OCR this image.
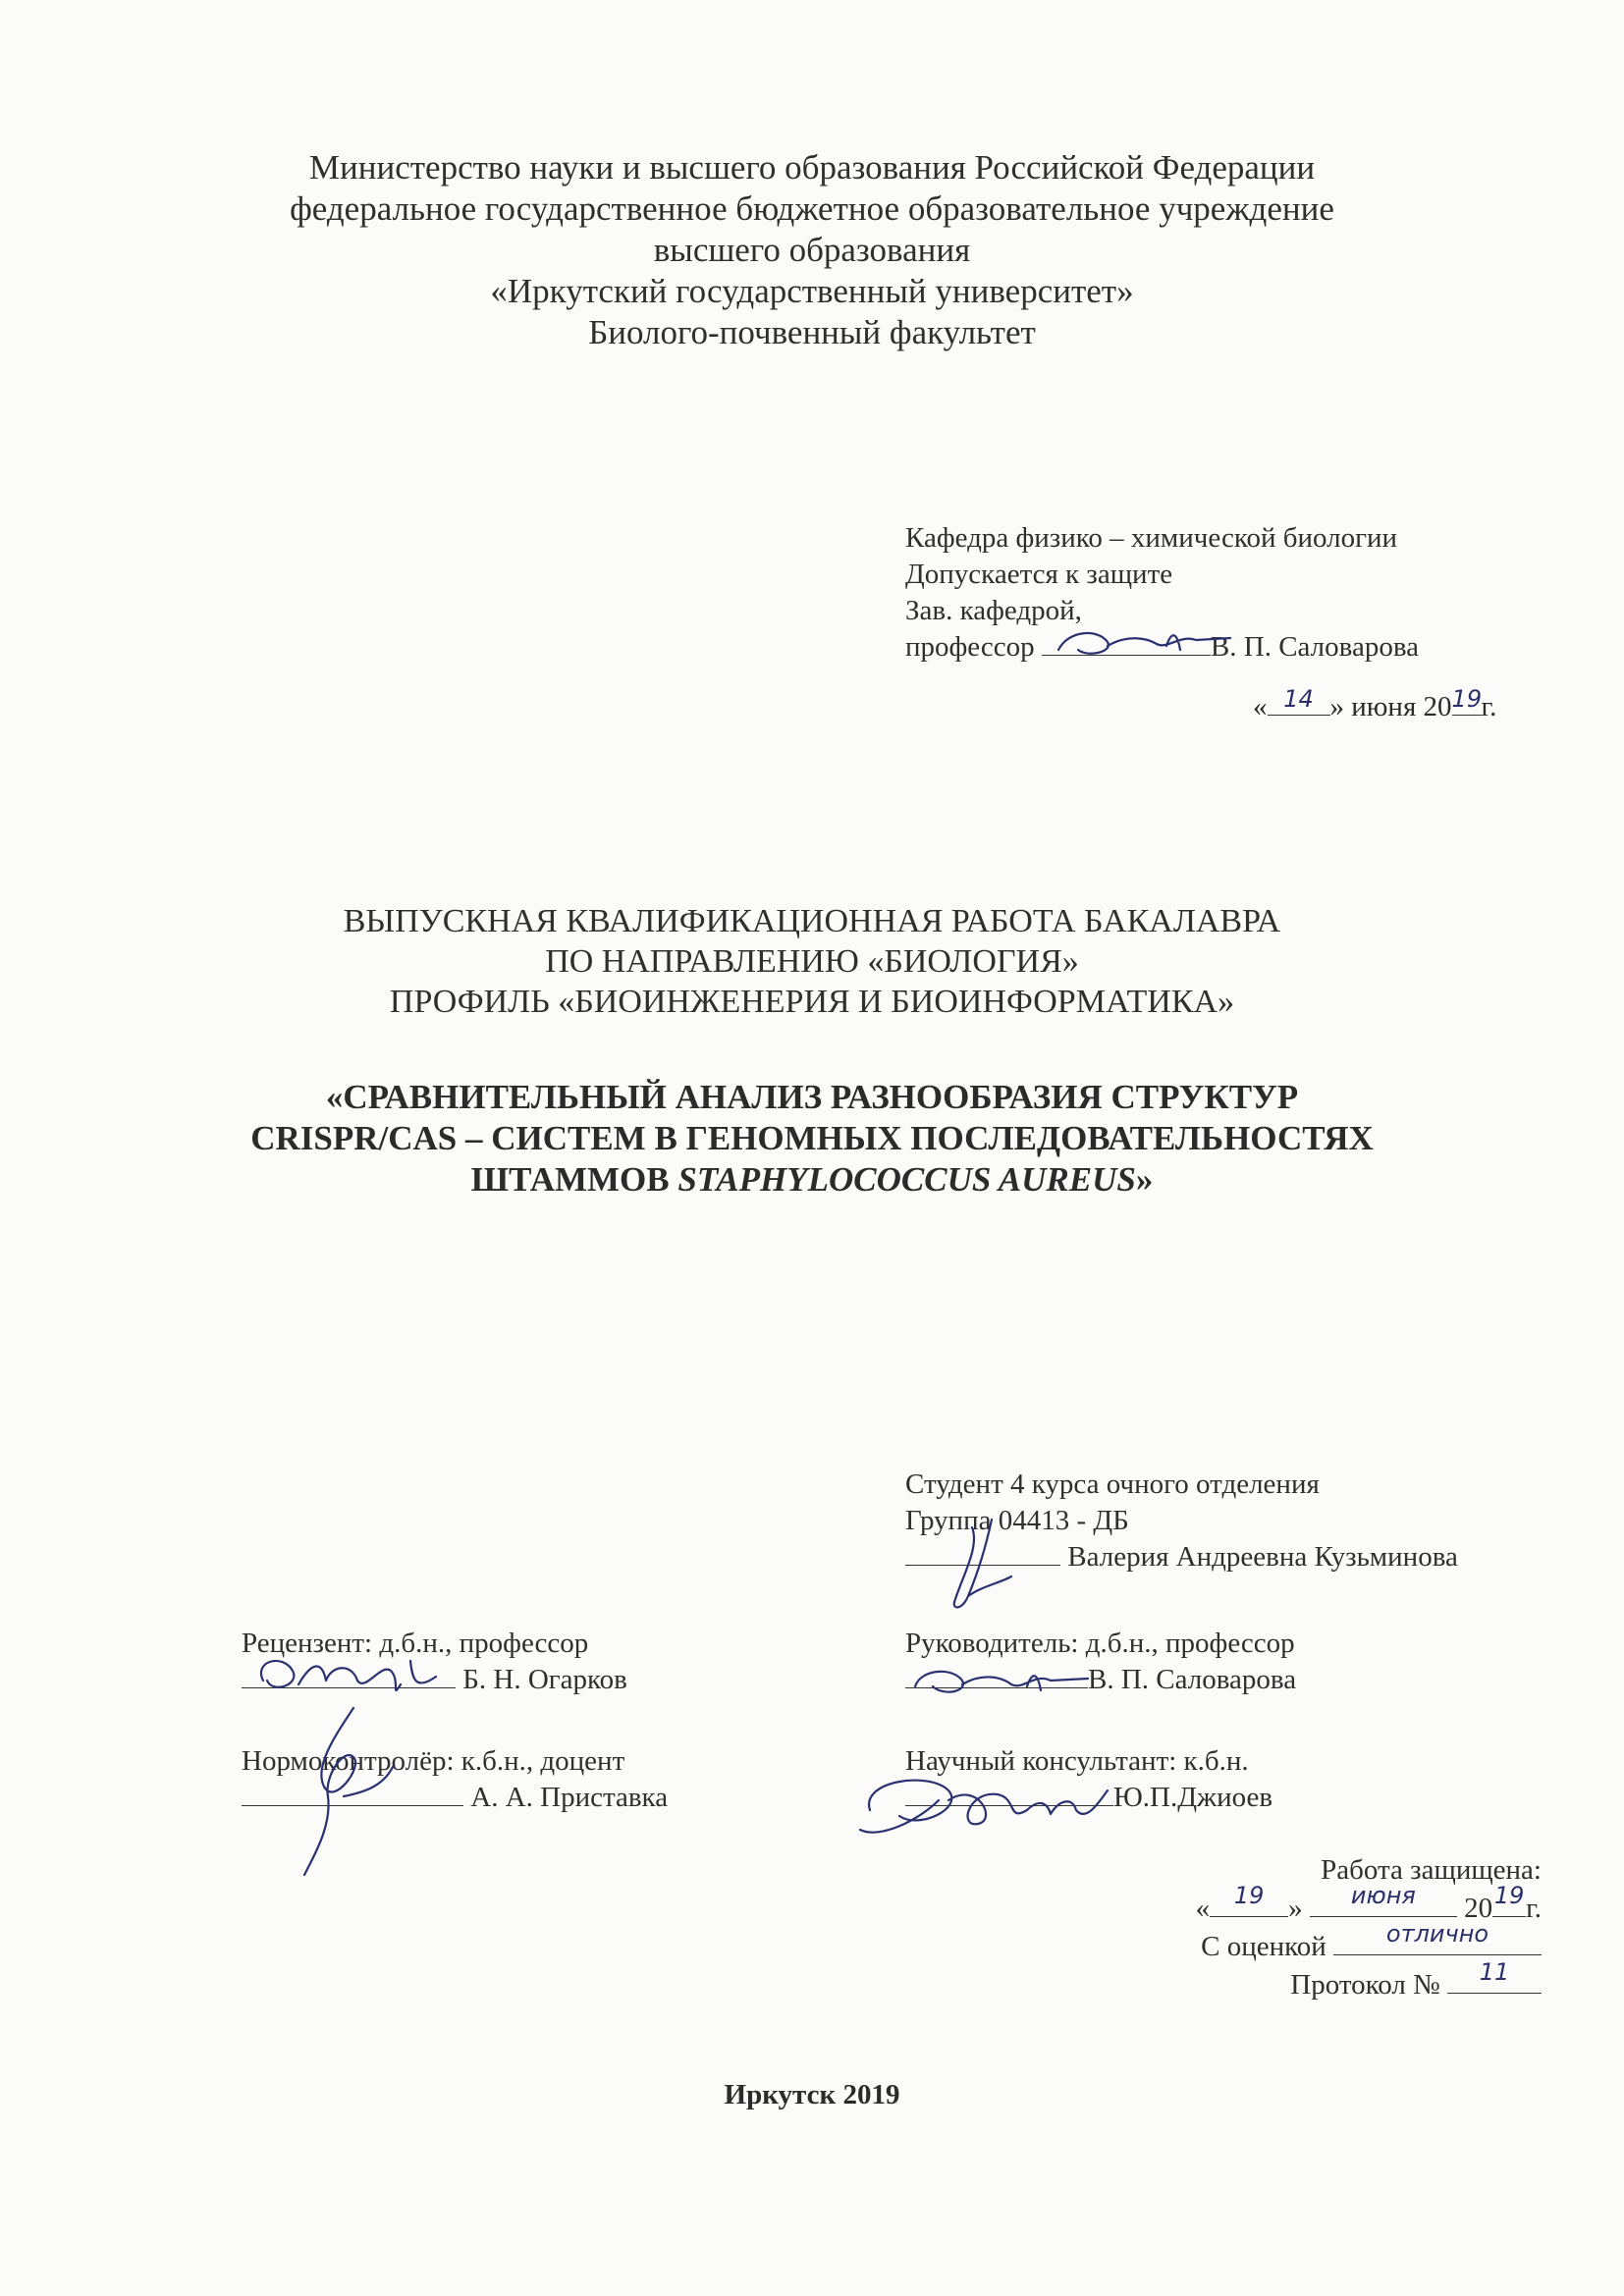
Министерство науки и высшего образования Российской Федерации
федеральное государственное бюджетное образовательное учреждение
высшего образования
«Иркутский государственный университет»
Биолого-почвенный факультет
Кафедра физико – химической биологии
Допускается к защите
Зав. кафедрой,
профессор	В. П. Саловарова
« 14 » июня 20 19 г.
ВЫПУСКНАЯ КВАЛИФИКАЦИОННАЯ РАБОТА БАКАЛАВРА
ПО НАПРАВЛЕНИЮ «БИОЛОГИЯ»
ПРОФИЛЬ «БИОИНЖЕНЕРИЯ И БИОИНФОРМАТИКА»
«СРАВНИТЕЛЬНЫЙ АНАЛИЗ РАЗНООБРАЗИЯ СТРУКТУР
CRISPR/CAS – СИСТЕМ В ГЕНОМНЫХ ПОСЛЕДОВАТЕЛЬНОСТЯХ
ШТАММОВ STAPHYLOCOCCUS AUREUS»
Студент 4 курса очного отделения
Группа 04413 - ДБ
Валерия Андреевна Кузьминова
Рецензент: д.б.н., профессор
Б. Н. Огарков
Руководитель: д.б.н., профессор
В. П. Саловарова
Нормоконтролёр: к.б.н., доцент
А. А. Приставка
Научный консультант: к.б.н.
Ю.П.Джиоев
Работа защищена:
«	19 »	июня	20 19 г.
С оценкой	отлично
Протокол №	11
Иркутск 2019
